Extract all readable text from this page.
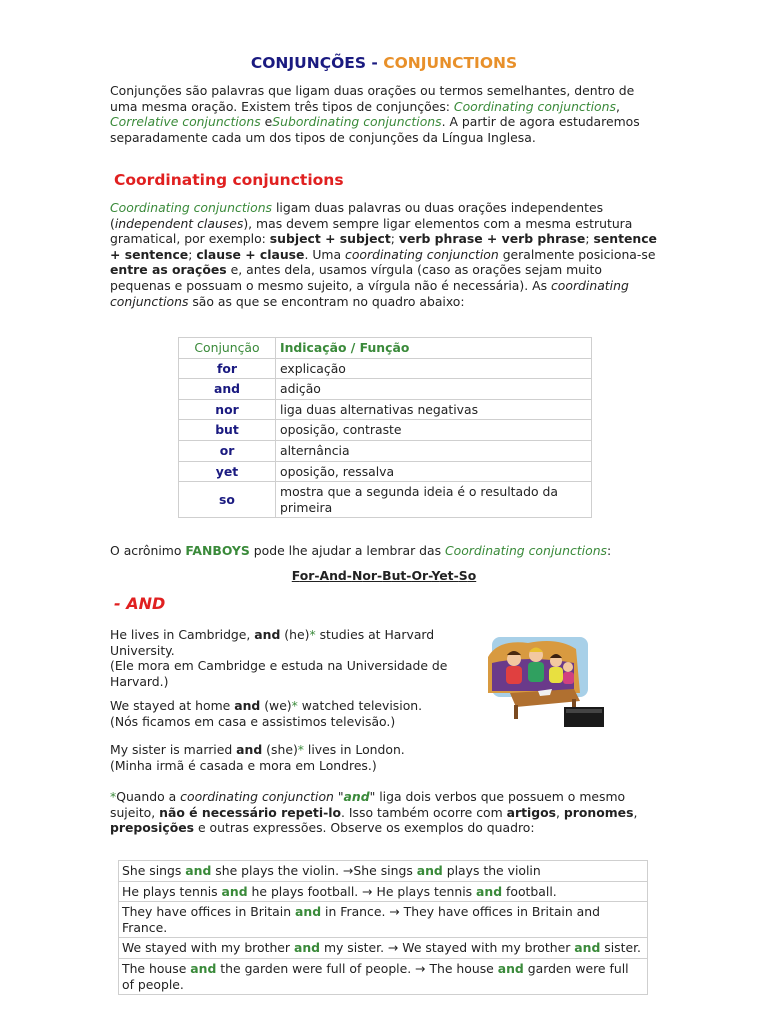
CONJUNÇÕES - CONJUNCTIONS

Conjunções são palavras que ligam duas orações ou termos semelhantes, dentro de uma mesma oração. Existem três tipos de conjunções: Coordinating conjunctions, Correlative conjunctions eSubordinating conjunctions. A partir de agora estudaremos separadamente cada um dos tipos de conjunções da Língua Inglesa.

Coordinating conjunctions

Coordinating conjunctions ligam duas palavras ou duas orações independentes (independent clauses), mas devem sempre ligar elementos com a mesma estrutura gramatical, por exemplo: subject + subject; verb phrase + verb phrase; sentence + sentence; clause + clause. Uma coordinating conjunction geralmente posiciona-se entre as orações e, antes dela, usamos vírgula (caso as orações sejam muito pequenas e possuam o mesmo sujeito, a vírgula não é necessária). As coordinating conjunctions são as que se encontram no quadro abaixo:

Conjunção	Indicação / Função
for	explicação
and	adição
nor	liga duas alternativas negativas
but	oposição, contraste
or	alternância
yet	oposição, ressalva
so	mostra que a segunda ideia é o resultado da primeira

O acrônimo FANBOYS pode lhe ajudar a lembrar das Coordinating conjunctions:

For-And-Nor-But-Or-Yet-So
- AND

He lives in Cambridge, and (he)* studies at Harvard University.
(Ele mora em Cambridge e estuda na Universidade de Harvard.)

We stayed at home and (we)* watched television.
(Nós ficamos em casa e assistimos televisão.)

My sister is married and (she)* lives in London.
(Minha irmã é casada e mora em Londres.)

*Quando a coordinating conjunction "and" liga dois verbos que possuem o mesmo sujeito, não é necessário repeti-lo. Isso também ocorre com artigos, pronomes, preposições e outras expressões. Observe os exemplos do quadro:

She sings and she plays the violin. →She sings and plays the violin
He plays tennis and he plays football. → He plays tennis and football.
They have offices in Britain and in France. → They have offices in Britain and France.
We stayed with my brother and my sister. → We stayed with my brother and sister.
The house and the garden were full of people. → The house and garden were full of people.
